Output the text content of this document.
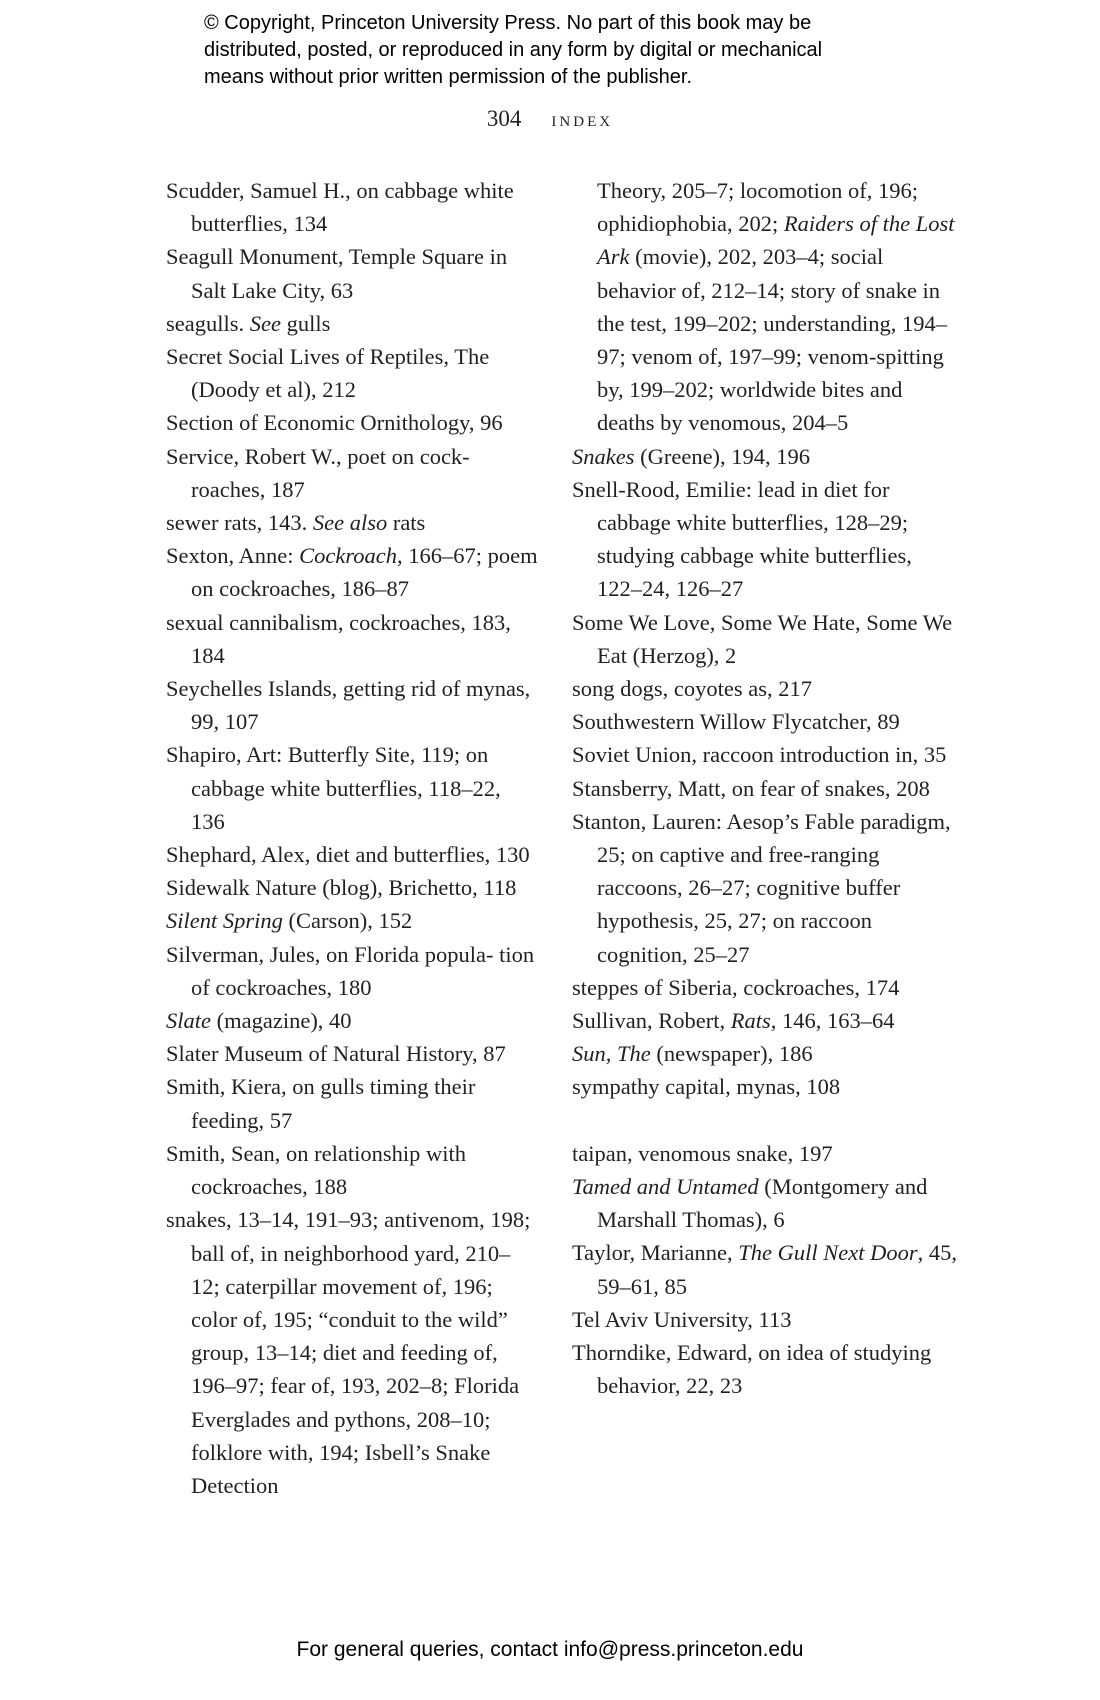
© Copyright, Princeton University Press. No part of this book may be
distributed, posted, or reproduced in any form by digital or mechanical
means without prior written permission of the publisher.
304 index

Scudder, Samuel H., on cabbage white butterflies, 134

Seagull Monument, Temple Square in Salt Lake City, 63

seagulls. See gulls

Secret Social Lives of Reptiles, The (Doody et al), 212

Section of Economic Ornithology, 96

Service, Robert W., poet on cock- roaches, 187

sewer rats, 143. See also rats

Sexton, Anne: Cockroach, 166–67; poem on cockroaches, 186–87

sexual cannibalism, cockroaches, 183, 184

Seychelles Islands, getting rid of mynas, 99, 107

Shapiro, Art: Butterfly Site, 119; on cabbage white butterflies, 118–22, 136

Shephard, Alex, diet and butterflies, 130

Sidewalk Nature (blog), Brichetto, 118

Silent Spring (Carson), 152

Silverman, Jules, on Florida popula- tion of cockroaches, 180

Slate (magazine), 40

Slater Museum of Natural History, 87

Smith, Kiera, on gulls timing their feeding, 57

Smith, Sean, on relationship with cockroaches, 188

snakes, 13–14, 191–93; antivenom, 198; ball of, in neighborhood yard, 210–12; caterpillar movement of, 196; color of, 195; “conduit to the wild” group, 13–14; diet and feeding of, 196–97; fear of, 193, 202–8; Florida Everglades and pythons, 208–10; folklore with, 194; Isbell’s Snake Detection

Theory, 205–7; locomotion of, 196; ophidiophobia, 202; Raiders of the Lost Ark (movie), 202, 203–4; social behavior of, 212–14; story of snake in the test, 199–202; understanding, 194–97; venom of, 197–99; venom-spitting by, 199–202; worldwide bites and deaths by venomous, 204–5

Snakes (Greene), 194, 196

Snell-Rood, Emilie: lead in diet for cabbage white butterflies, 128–29; studying cabbage white butterflies, 122–24, 126–27

Some We Love, Some We Hate, Some We Eat (Herzog), 2

song dogs, coyotes as, 217

Southwestern Willow Flycatcher, 89

Soviet Union, raccoon introduction in, 35

Stansberry, Matt, on fear of snakes, 208

Stanton, Lauren: Aesop’s Fable paradigm, 25; on captive and free-ranging raccoons, 26–27; cognitive buffer hypothesis, 25, 27; on raccoon cognition, 25–27

steppes of Siberia, cockroaches, 174

Sullivan, Robert, Rats, 146, 163–64

Sun, The (newspaper), 186

sympathy capital, mynas, 108

taipan, venomous snake, 197

Tamed and Untamed (Montgomery and Marshall Thomas), 6

Taylor, Marianne, The Gull Next Door, 45, 59–61, 85

Tel Aviv University, 113

Thorndike, Edward, on idea of studying behavior, 22, 23

For general queries, contact info@press.princeton.edu
